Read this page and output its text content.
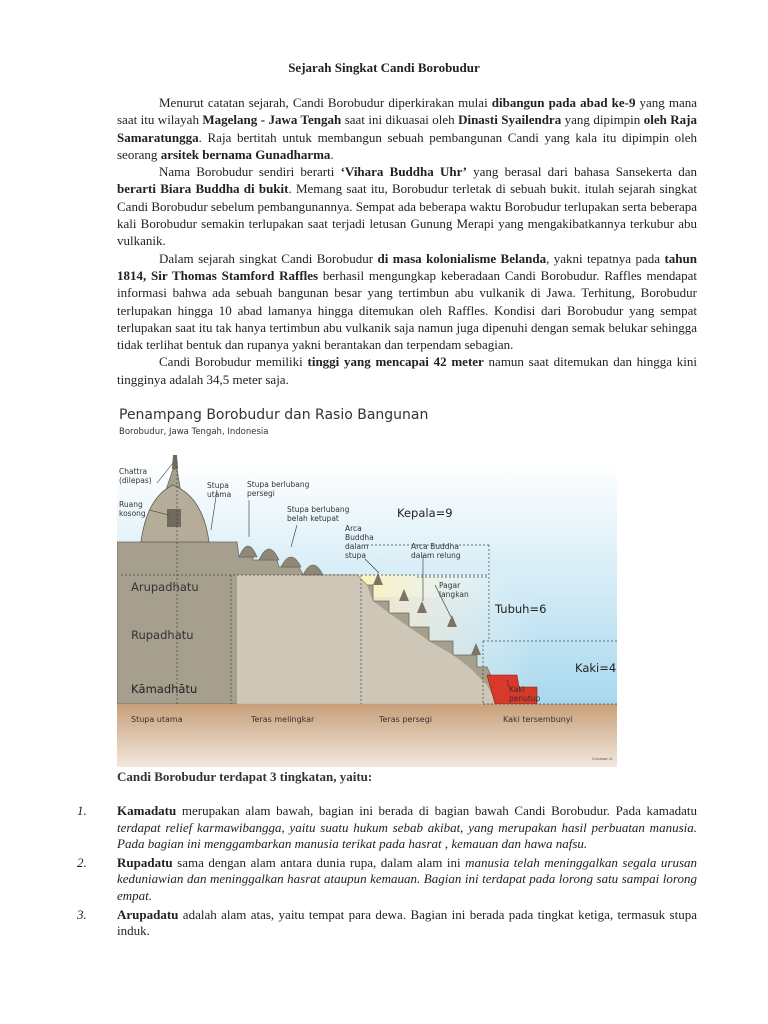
Sejarah Singkat Candi Borobudur

Menurut catatan sejarah, Candi Borobudur diperkirakan mulai dibangun pada abad ke-9 yang mana saat itu wilayah Magelang - Jawa Tengah saat ini dikuasai oleh Dinasti Syailendra yang dipimpin oleh Raja Samaratungga. Raja bertitah untuk membangun sebuah pembangunan Candi yang kala itu dipimpin oleh seorang arsitek bernama Gunadharma.

Nama Borobudur sendiri berarti ‘Vihara Buddha Uhr’ yang berasal dari bahasa Sansekerta dan berarti Biara Buddha di bukit. Memang saat itu, Borobudur terletak di sebuah bukit. itulah sejarah singkat Candi Borobudur sebelum pembangunannya. Sempat ada beberapa waktu Borobudur terlupakan serta beberapa kali Borobudur semakin terlupakan saat terjadi letusan Gunung Merapi yang mengakibatkannya terkubur abu vulkanik.

Dalam sejarah singkat Candi Borobudur di masa kolonialisme Belanda, yakni tepatnya pada tahun 1814, Sir Thomas Stamford Raffles berhasil mengungkap keberadaan Candi Borobudur. Raffles mendapat informasi bahwa ada sebuah bangunan besar yang tertimbun abu vulkanik di Jawa. Terhitung, Borobudur terlupakan hingga 10 abad lamanya hingga ditemukan oleh Raffles. Kondisi dari Borobudur yang sempat terlupakan saat itu tak hanya tertimbun abu vulkanik saja namun juga dipenuhi dengan semak belukar sehingga tidak terlihat bentuk dan rupanya yakni berantakan dan terpendam sebagian.

Candi Borobudur memiliki tinggi yang mencapai 42 meter namun saat ditemukan dan hingga kini tingginya adalah 34,5 meter saja.

Penampang Borobudur dan Rasio Bangunan
Borobudur, Jawa Tengah, Indonesia
Chattra
(dilepas)
Ruang
kosong
Stupa
utama
Stupa berlubang
persegi
Stupa berlubang
belah ketupat
Arca
Buddha
dalam
stupa
Arca Buddha
dalam relung
Pagar
langkan
Kaki
penutup
Kepala=9
Tubuh=6
Kaki=4
Arupadhatu
Rupadhatu
Kāmadhātu
Stupa utama	Teras melingkar	Teras persegi	Kaki tersembunyi
Gunawan K.
Candi Borobudur terdapat 3 tingkatan, yaitu:
1. Kamadatu merupakan alam bawah, bagian ini berada di bagian bawah Candi Borobudur. Pada kamadatu terdapat relief karmawibangga, yaitu suatu hukum sebab akibat, yang merupakan hasil perbuatan manusia. Pada bagian ini menggambarkan manusia terikat pada hasrat , kemauan dan hawa nafsu.
2. Rupadatu sama dengan alam antara dunia rupa, dalam alam ini manusia telah meninggalkan segala urusan keduniawian dan meninggalkan hasrat ataupun kemauan. Bagian ini terdapat pada lorong satu sampai lorong empat.
3. Arupadatu adalah alam atas, yaitu tempat para dewa. Bagian ini berada pada tingkat ketiga, termasuk stupa induk.
